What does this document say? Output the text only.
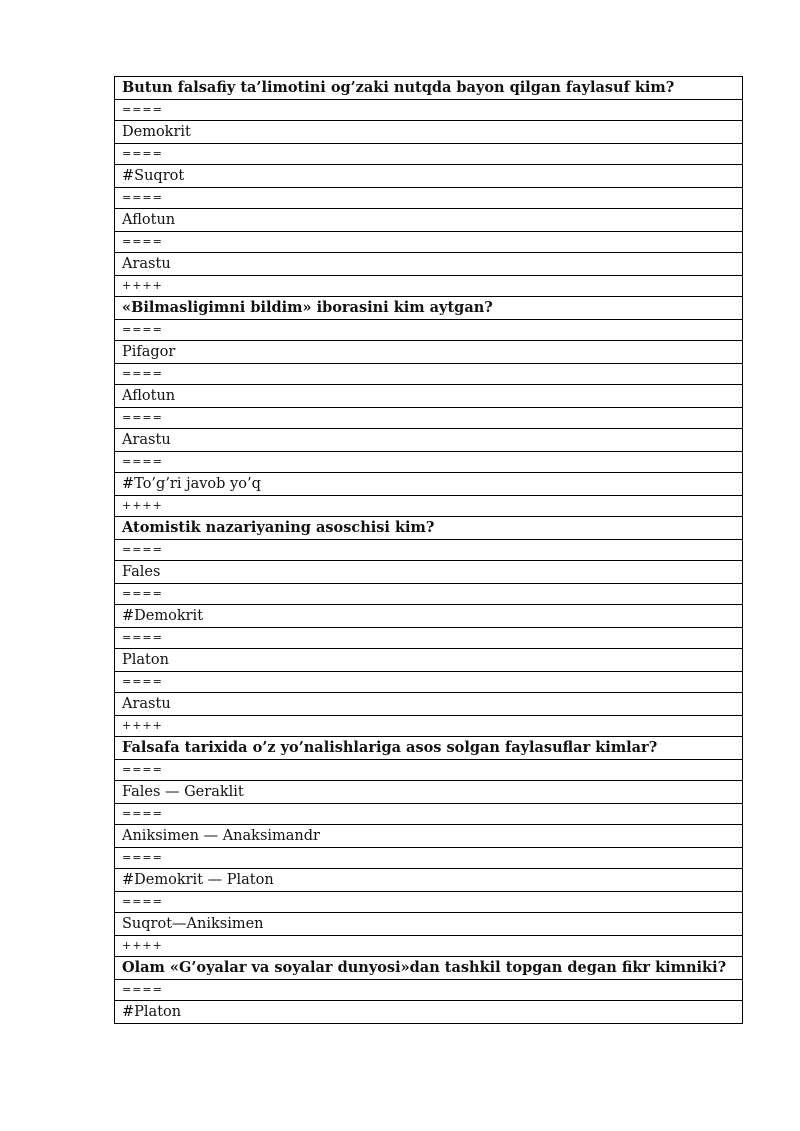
Butun falsafiy ta’limotini og’zaki nutqda bayon qilgan faylasuf kim?
====
Demokrit
====
#Suqrot
====
Aflotun
====
Arastu
++++
«Bilmasligimni bildim» iborasini kim aytgan?
====
Pifagor
====
Aflotun
====
Arastu
====
#To’g’ri javob yo’q
++++
Atomistik nazariyaning asoschisi kim?
====
Fales
====
#Demokrit
====
Platon
====
Arastu
++++
Falsafa tarixida o’z yo’nalishlariga asos solgan faylasuflar kimlar?
====
Fales — Geraklit
====
Aniksimen — Anaksimandr
====
#Demokrit — Platon
====
Suqrot—Aniksimen
++++
Olam «G’oyalar va soyalar dunyosi»dan tashkil topgan degan fikr kimniki?
====
#Platon
